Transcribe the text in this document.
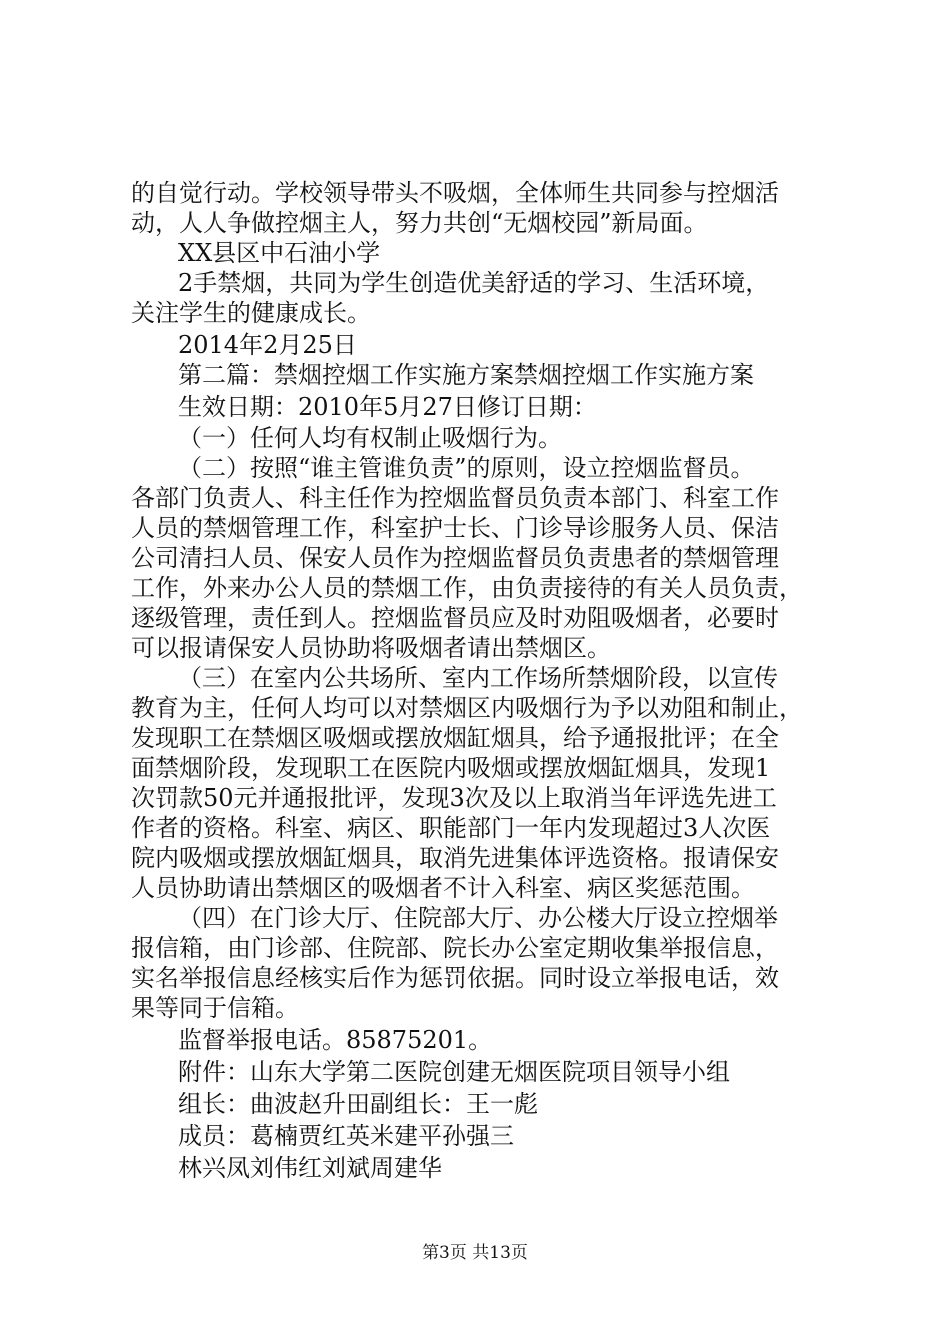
的自觉行动。学校领导带头不吸烟，全体师生共同参与控烟活
动，人人争做控烟主人，努力共创“无烟校园”新局面。
XX县区中石油小学
2手禁烟，共同为学生创造优美舒适的学习、生活环境，
关注学生的健康成长。
2014年2月25日
第二篇：禁烟控烟工作实施方案禁烟控烟工作实施方案
生效日期：2010年5月27日修订日期：
（一）任何人均有权制止吸烟行为。
（二）按照“谁主管谁负责”的原则，设立控烟监督员。
各部门负责人、科主任作为控烟监督员负责本部门、科室工作
人员的禁烟管理工作，科室护士长、门诊导诊服务人员、保洁
公司清扫人员、保安人员作为控烟监督员负责患者的禁烟管理
工作，外来办公人员的禁烟工作，由负责接待的有关人员负责，
逐级管理，责任到人。控烟监督员应及时劝阻吸烟者，必要时
可以报请保安人员协助将吸烟者请出禁烟区。
（三）在室内公共场所、室内工作场所禁烟阶段，以宣传
教育为主，任何人均可以对禁烟区内吸烟行为予以劝阻和制止，
发现职工在禁烟区吸烟或摆放烟缸烟具，给予通报批评；在全
面禁烟阶段，发现职工在医院内吸烟或摆放烟缸烟具，发现1
次罚款50元并通报批评，发现3次及以上取消当年评选先进工
作者的资格。科室、病区、职能部门一年内发现超过3人次医
院内吸烟或摆放烟缸烟具，取消先进集体评选资格。报请保安
人员协助请出禁烟区的吸烟者不计入科室、病区奖惩范围。
（四）在门诊大厅、住院部大厅、办公楼大厅设立控烟举
报信箱，由门诊部、住院部、院长办公室定期收集举报信息，
实名举报信息经核实后作为惩罚依据。同时设立举报电话，效
果等同于信箱。
监督举报电话。85875201。
附件：山东大学第二医院创建无烟医院项目领导小组
组长：曲波赵升田副组长：王一彪
成员：葛楠贾红英米建平孙强三
林兴凤刘伟红刘斌周建华
第3页 共13页
